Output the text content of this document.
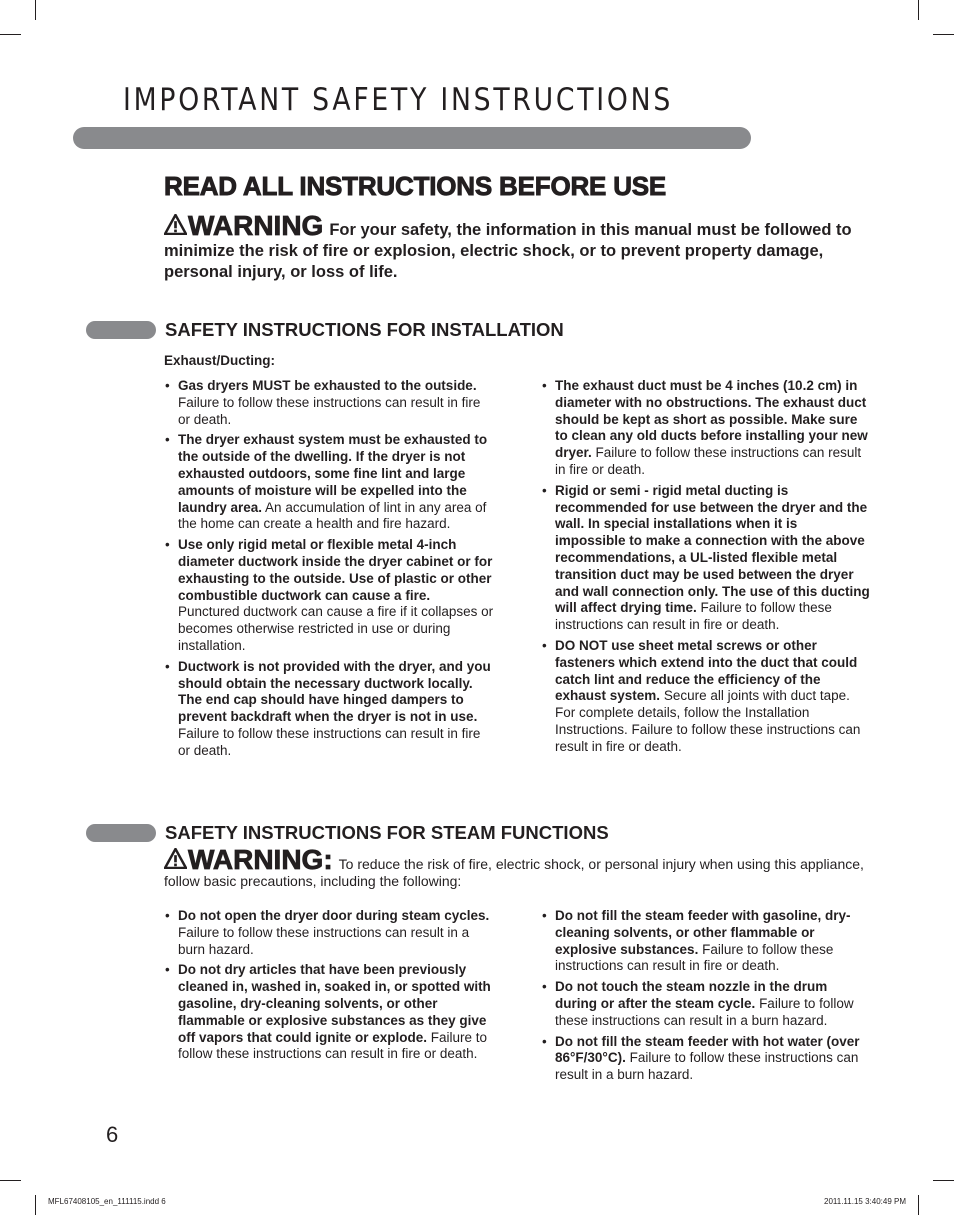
IMPORTANT SAFETY INSTRUCTIONS
READ ALL INSTRUCTIONS BEFORE USE

WARNING For your safety, the information in this manual must be followed to minimize the risk of fire or explosion, electric shock, or to prevent property damage, personal injury, or loss of life.

SAFETY INSTRUCTIONS FOR INSTALLATION

Exhaust/Ducting:

• Gas dryers MUST be exhausted to the outside. Failure to follow these instructions can result in fire or death.
• The dryer exhaust system must be exhausted to the outside of the dwelling. If the dryer is not exhausted outdoors, some fine lint and large amounts of moisture will be expelled into the laundry area. An accumulation of lint in any area of the home can create a health and fire hazard.
• Use only rigid metal or flexible metal 4-inch diameter ductwork inside the dryer cabinet or for exhausting to the outside. Use of plastic or other combustible ductwork can cause a fire. Punctured ductwork can cause a fire if it collapses or becomes otherwise restricted in use or during installation.
• Ductwork is not provided with the dryer, and you should obtain the necessary ductwork locally. The end cap should have hinged dampers to prevent backdraft when the dryer is not in use. Failure to follow these instructions can result in fire or death.
• The exhaust duct must be 4 inches (10.2 cm) in diameter with no obstructions. The exhaust duct should be kept as short as possible. Make sure to clean any old ducts before installing your new dryer. Failure to follow these instructions can result in fire or death.
• Rigid or semi - rigid metal ducting is recommended for use between the dryer and the wall. In special installations when it is impossible to make a connection with the above recommendations, a UL-listed flexible metal transition duct may be used between the dryer and wall connection only. The use of this ducting will affect drying time. Failure to follow these instructions can result in fire or death.
• DO NOT use sheet metal screws or other fasteners which extend into the duct that could catch lint and reduce the efficiency of the exhaust system. Secure all joints with duct tape. For complete details, follow the Installation Instructions. Failure to follow these instructions can result in fire or death.
SAFETY INSTRUCTIONS FOR STEAM FUNCTIONS

WARNING: To reduce the risk of fire, electric shock, or personal injury when using this appliance, follow basic precautions, including the following:

• Do not open the dryer door during steam cycles. Failure to follow these instructions can result in a burn hazard.
• Do not dry articles that have been previously cleaned in, washed in, soaked in, or spotted with gasoline, dry-cleaning solvents, or other flammable or explosive substances as they give off vapors that could ignite or explode. Failure to follow these instructions can result in fire or death.
• Do not fill the steam feeder with gasoline, dry-cleaning solvents, or other flammable or explosive substances. Failure to follow these instructions can result in fire or death.
• Do not touch the steam nozzle in the drum during or after the steam cycle. Failure to follow these instructions can result in a burn hazard.
• Do not fill the steam feeder with hot water (over 86°F/30°C). Failure to follow these instructions can result in a burn hazard.

6

MFL67408105_en_111115.indd 6	2011.11.15 3:40:49 PM
